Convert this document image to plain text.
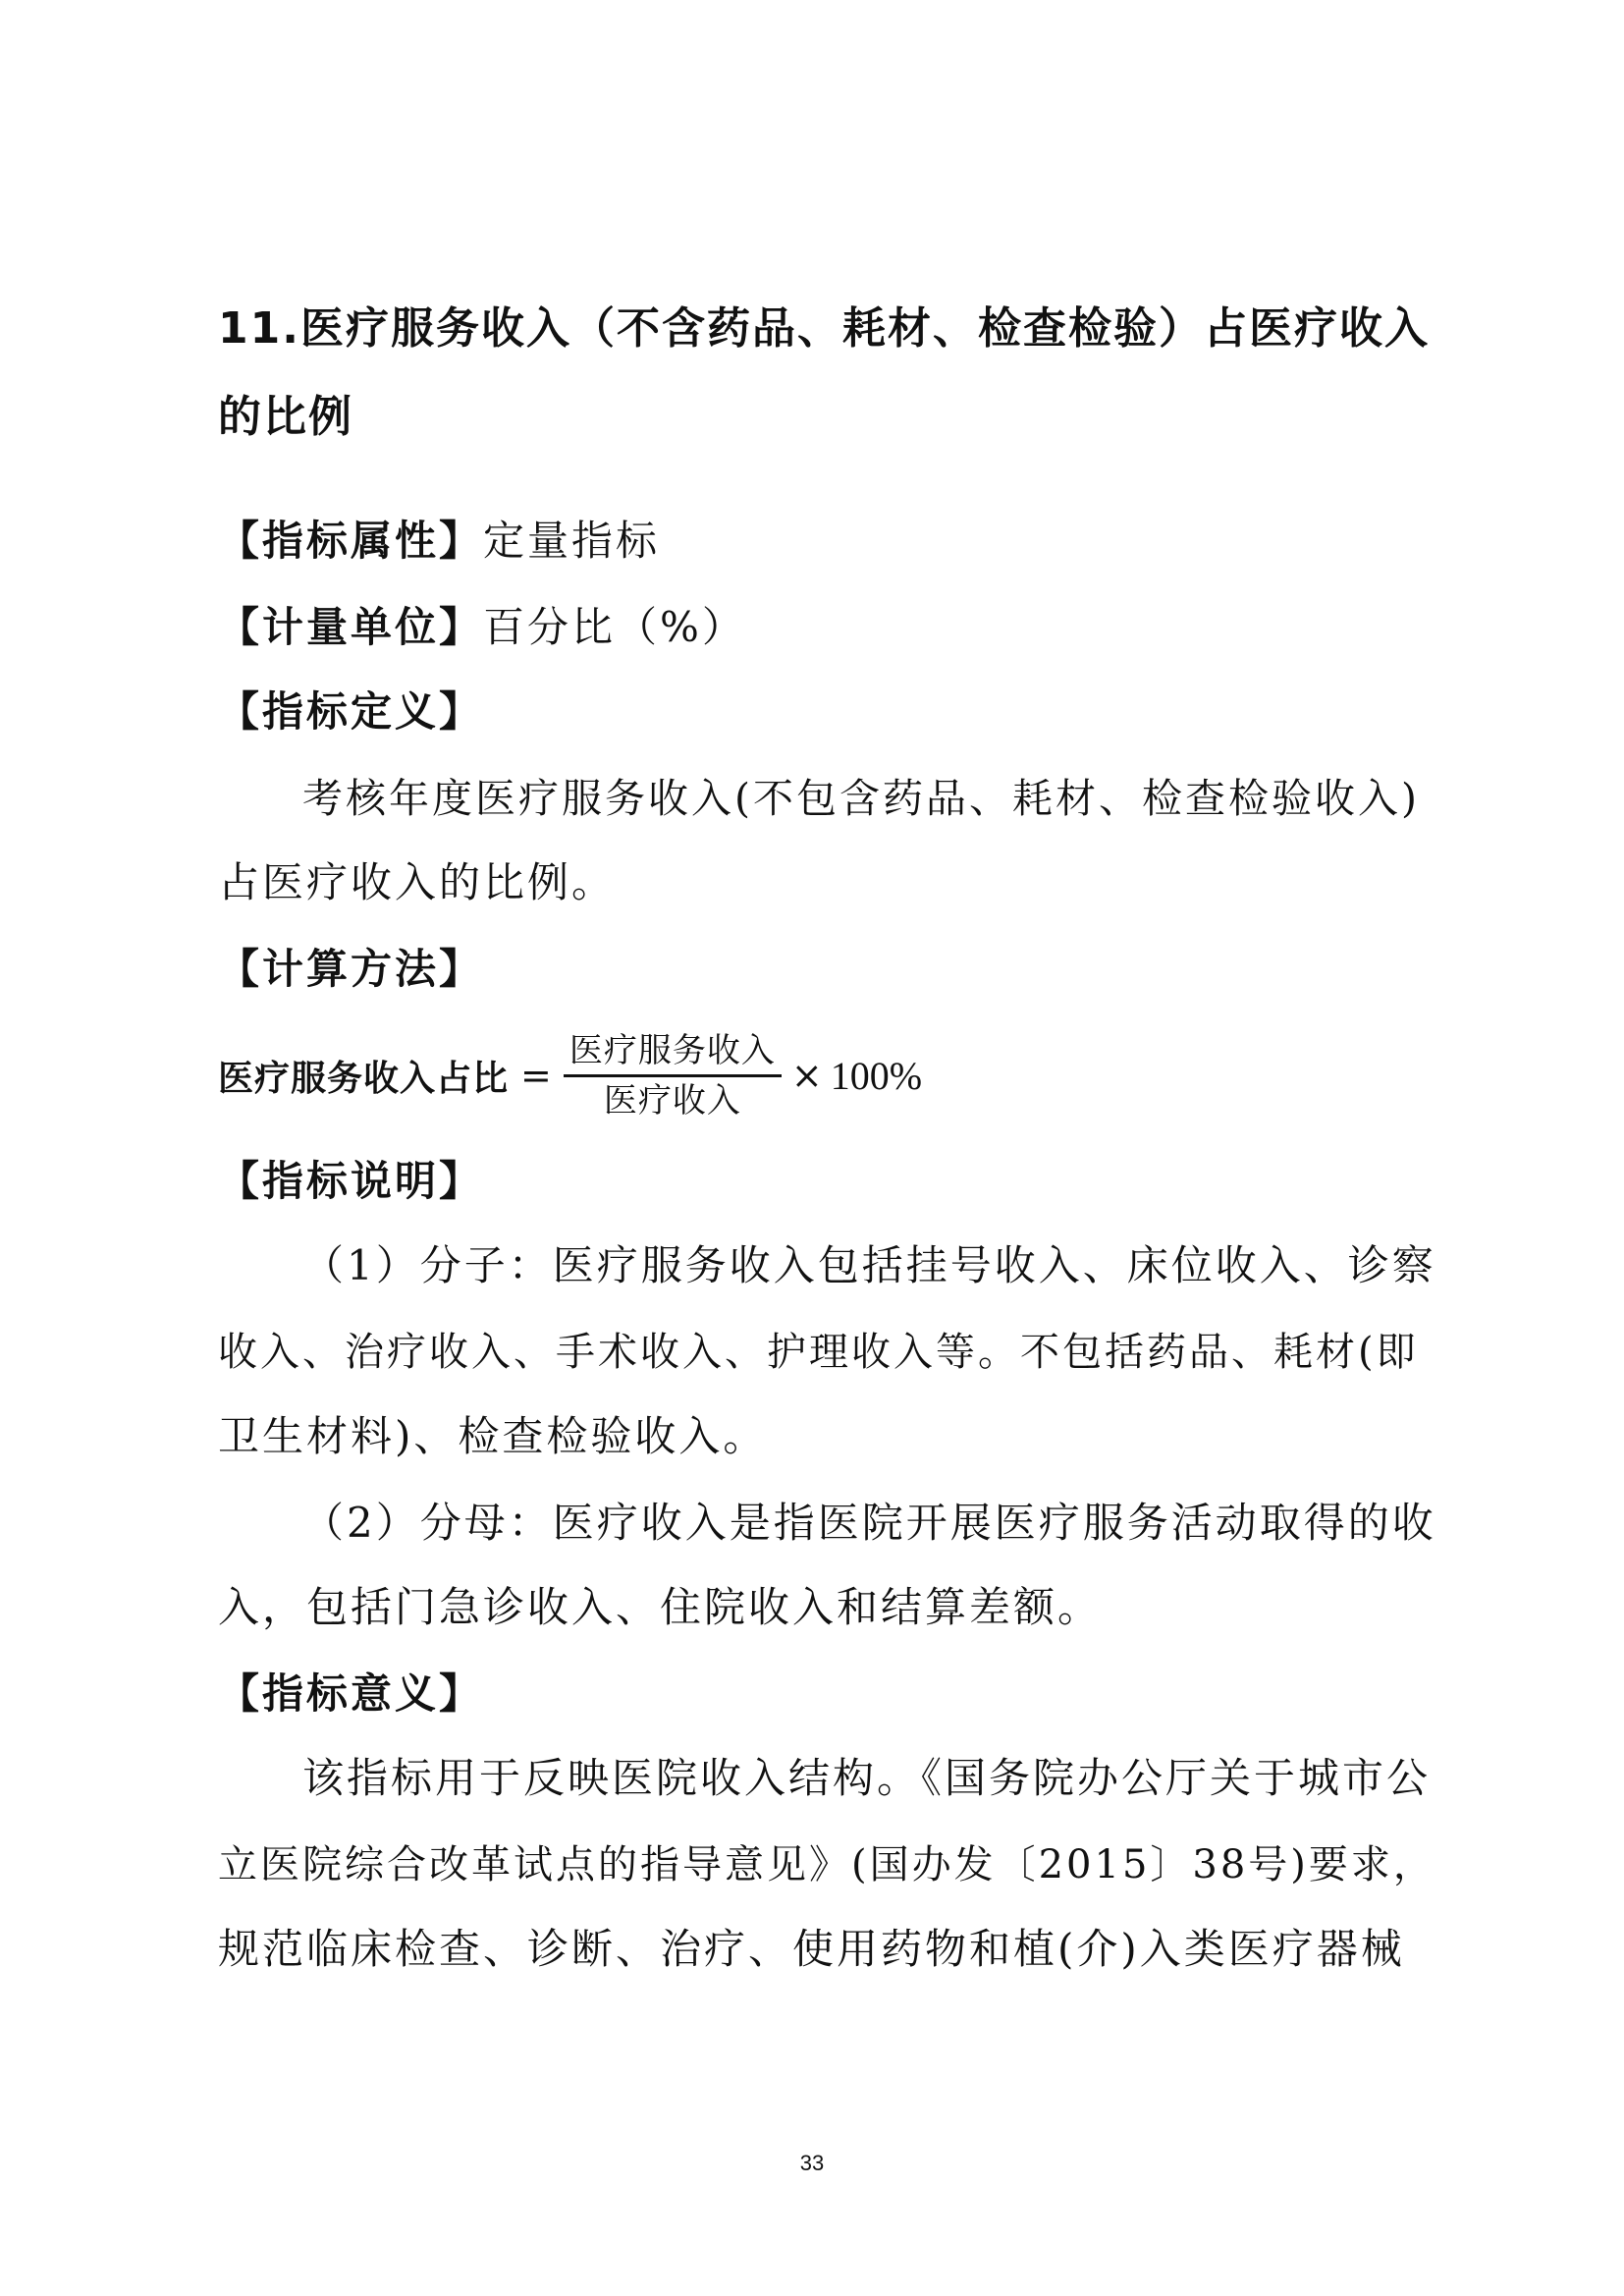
11.医疗服务收入（不含药品、耗材、检查检验）占医疗收入的比例
【指标属性】定量指标
【计量单位】百分比（%）
【指标定义】
考核年度医疗服务收入(不包含药品、耗材、检查检验收入)
占医疗收入的比例。
【计算方法】
医疗服务收入占比 = $\frac{\text{医疗服务收入}}{\text{医疗收入}} \times 100\%$
【指标说明】
（1）分子：医疗服务收入包括挂号收入、床位收入、诊察
收入、治疗收入、手术收入、护理收入等。不包括药品、耗材(即
卫生材料)、检查检验收入。
（2）分母：医疗收入是指医院开展医疗服务活动取得的收
入，包括门急诊收入、住院收入和结算差额。
【指标意义】
该指标用于反映医院收入结构。《国务院办公厅关于城市公
立医院综合改革试点的指导意见》(国办发〔2015〕38号)要求，
规范临床检查、诊断、治疗、使用药物和植(介)入类医疗器械
33
